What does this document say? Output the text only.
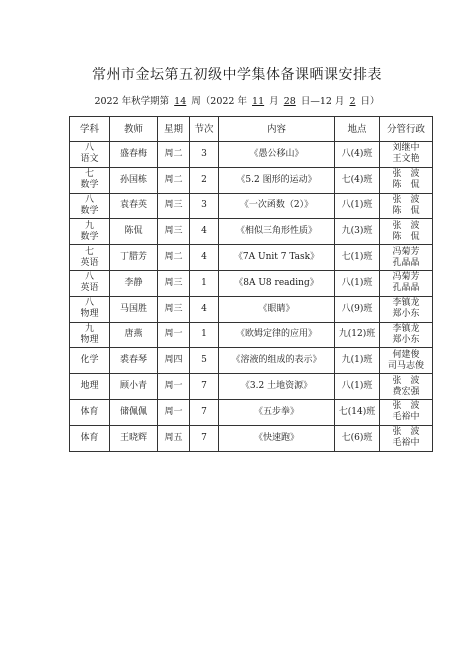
常州市金坛第五初级中学集体备课晒课安排表
2022 年秋学期第 14 周（2022 年 11 月 28 日—12 月 2 日）
学科	教师	星期	节次	内容	地点	分管行政

八
语文	盛春梅	周二	3	《愚公移山》	八(4)班	刘继中
王文艳

七
数学	孙国栋	周二	2	《5.2 图形的运动》	七(4)班	张　波
陈　侃

八
数学	袁春英	周三	3	《一次函数（2）》	八(1)班	张　波
陈　侃

九
数学	陈侃	周三	4	《相似三角形性质》	九(3)班	张　波
陈　侃

七
英语	丁腊芳	周二	4	《7A Unit 7 Task》	七(1)班	冯菊芳
孔晶晶

八
英语	李静	周三	1	《8A U8 reading》	八(1)班	冯菊芳
孔晶晶

八
物理	马国胜	周三	4	《眼睛》	八(9)班	李镇龙
郑小东

九
物理	唐燕	周一	1	《欧姆定律的应用》	九(12)班	李镇龙
郑小东

化学	裘春琴	周四	5	《溶液的组成的表示》	九(1)班	何建俊
司马志俊

地理	顾小青	周一	7	《3.2 土地资源》	八(1)班	张　波
费宏强

体育	储佩佩	周一	7	《五步拳》	七(14)班	张　波
毛裕中

体育	王晓辉	周五	7	《快速跑》	七(6)班	张　波
毛裕中
